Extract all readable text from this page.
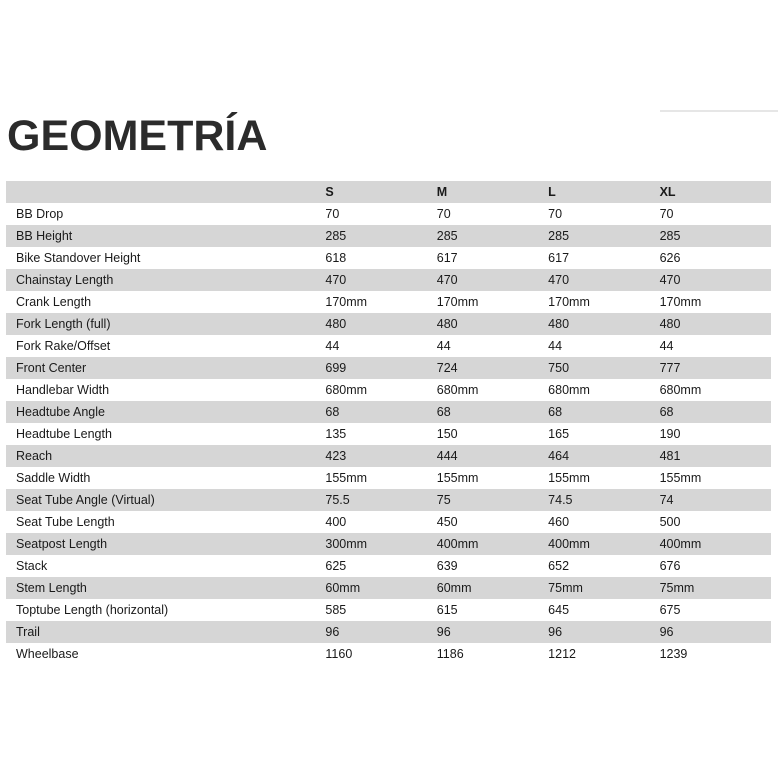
GEOMETRÍA
	S	M	L	XL
BB Drop	70	70	70	70
BB Height	285	285	285	285
Bike Standover Height	618	617	617	626
Chainstay Length	470	470	470	470
Crank Length	170mm	170mm	170mm	170mm
Fork Length (full)	480	480	480	480
Fork Rake/Offset	44	44	44	44
Front Center	699	724	750	777
Handlebar Width	680mm	680mm	680mm	680mm
Headtube Angle	68	68	68	68
Headtube Length	135	150	165	190
Reach	423	444	464	481
Saddle Width	155mm	155mm	155mm	155mm
Seat Tube Angle (Virtual)	75.5	75	74.5	74
Seat Tube Length	400	450	460	500
Seatpost Length	300mm	400mm	400mm	400mm
Stack	625	639	652	676
Stem Length	60mm	60mm	75mm	75mm
Toptube Length (horizontal)	585	615	645	675
Trail	96	96	96	96
Wheelbase	1160	1186	1212	1239
